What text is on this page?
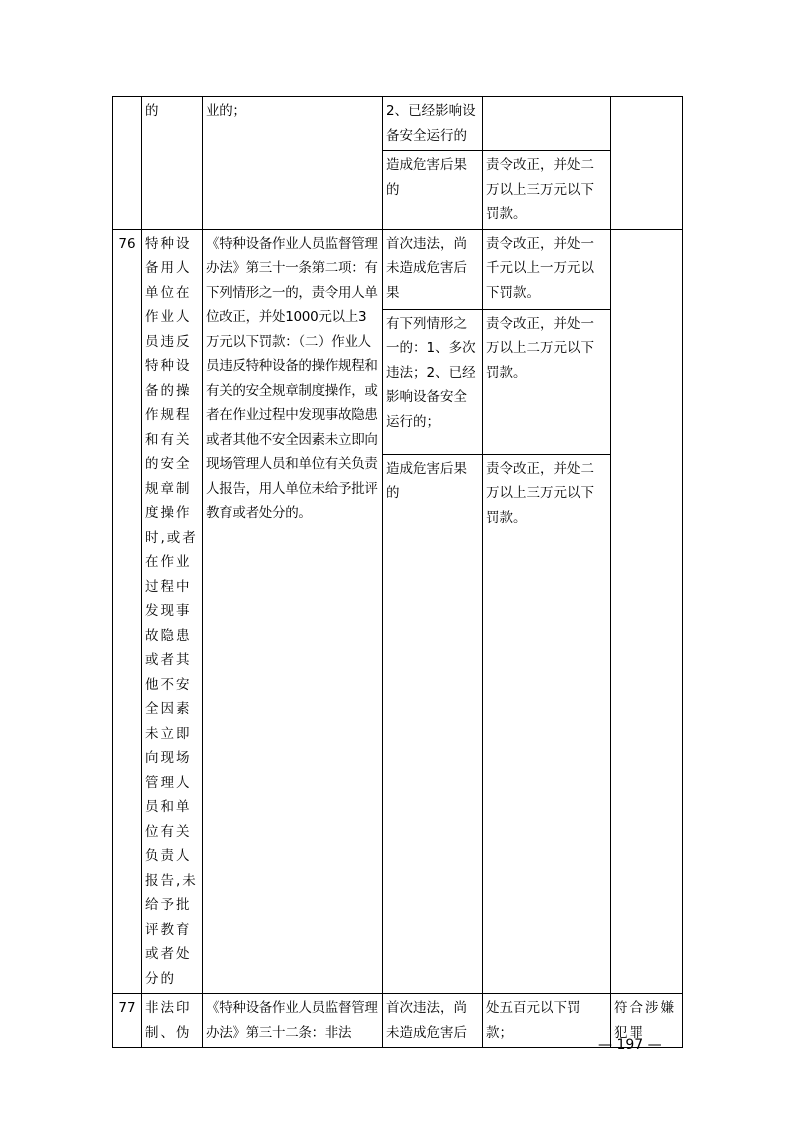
	的	业的；	2、已经影响设备安全运行的		
			造成危害后果的	责令改正，并处二万以上三万元以下罚款。	
76	特种设备用人单位在作业人员违反特种设备的操作规程和有关的安全规章制度操作时,或者在作业过程中发现事故隐患或者其他不安全因素未立即向现场管理人员和单位有关负责人报告,未给予批评教育或者处分的	《特种设备作业人员监督管理办法》第三十一条第二项：有下列情形之一的，责令用人单位改正，并处1000元以上3万元以下罚款：（二）作业人员违反特种设备的操作规程和有关的安全规章制度操作，或者在作业过程中发现事故隐患或者其他不安全因素未立即向现场管理人员和单位有关负责人报告，用人单位未给予批评教育或者处分的。	首次违法，尚未造成危害后果	责令改正，并处一千元以上一万元以下罚款。	
			有下列情形之一的：1、多次违法；2、已经影响设备安全运行的；	责令改正，并处一万以上二万元以下罚款。	
			造成危害后果的	责令改正，并处二万以上三万元以下罚款。	
77	非法印制、伪	《特种设备作业人员监督管理办法》第三十二条：非法	首次违法，尚未造成危害后	处五百元以下罚款；	符合涉嫌犯罪
— 197 —
